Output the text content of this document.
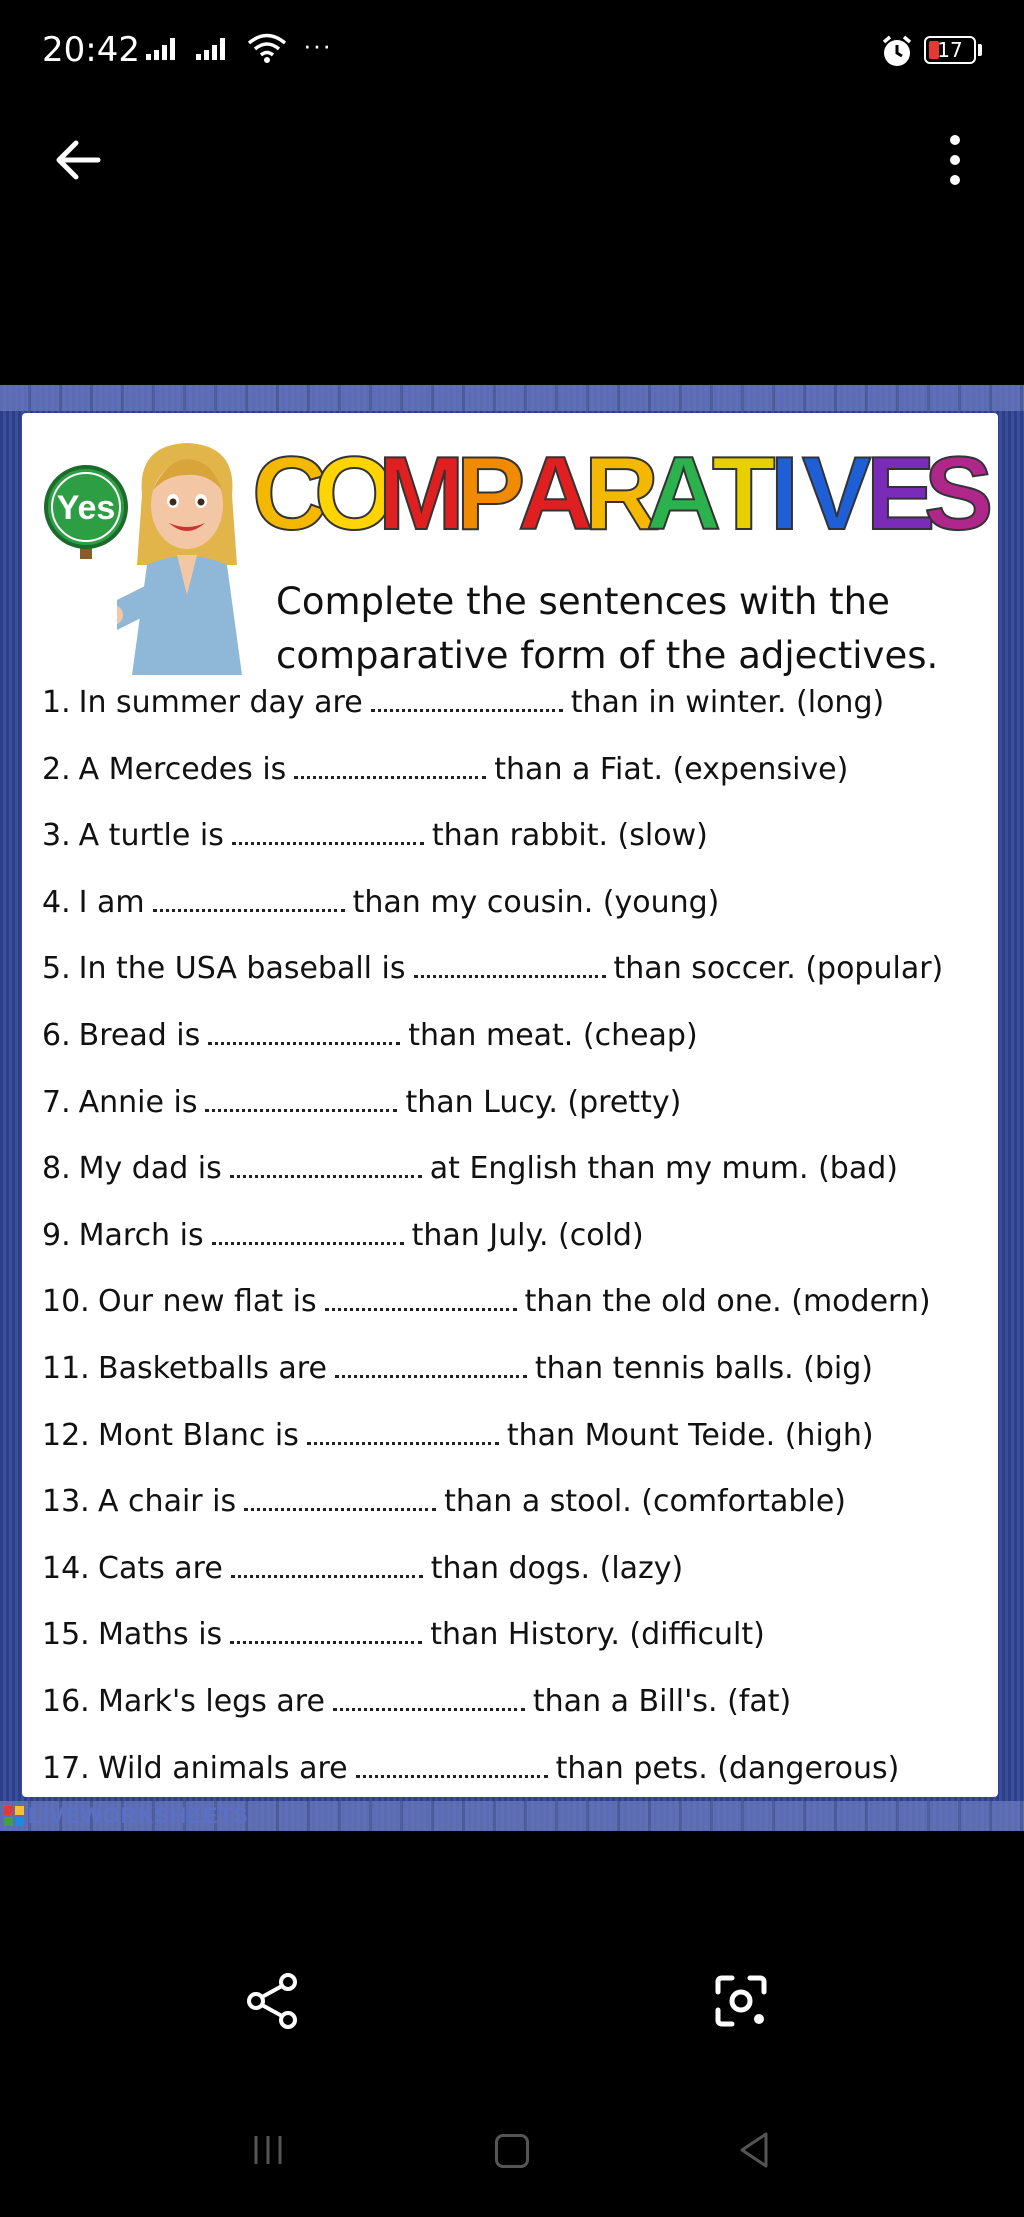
20:42	···	17
Yes C
O
M
P
A
R
A
T
I V
E
S
Complete the sentences with the
comparative form of the adjectives.
1. In summer day are	than in winter. (long)
2. A Mercedes is	than a Fiat. (expensive)
3. A turtle is	than rabbit. (slow)
4. I am	than my cousin. (young)
5. In the USA baseball is	than soccer. (popular)
6. Bread is	than meat. (cheap)
7. Annie is	than Lucy. (pretty)
8. My dad is	at English than my mum. (bad)
9. March is	than July. (cold)
10. Our new flat is	than the old one. (modern)
11. Basketballs are	than tennis balls. (big)
12. Mont Blanc is	than Mount Teide. (high)
13. A chair is	than a stool. (comfortable)
14. Cats are	than dogs. (lazy)
15. Maths is	than History. (difficult)
16. Mark's legs are	than a Bill's. (fat)
17. Wild animals are	than pets. (dangerous)
LIVEWORKSHEETS
